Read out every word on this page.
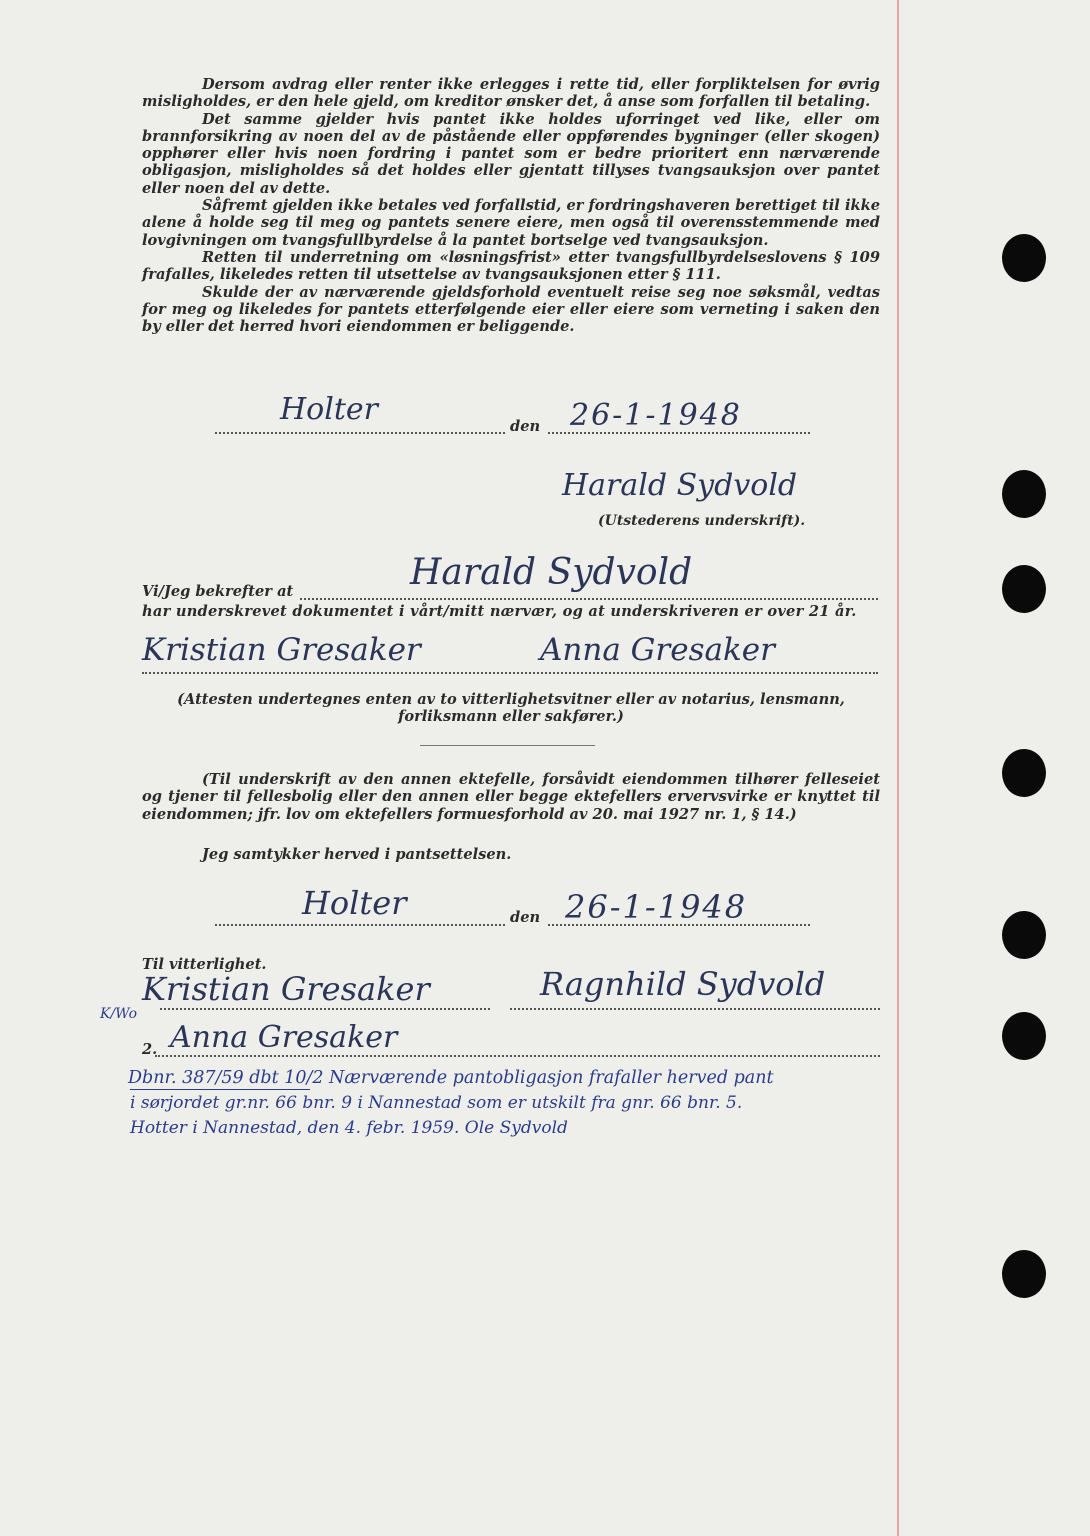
Dersom avdrag eller renter ikke erlegges i rette tid, eller forpliktelsen for øvrig misligholdes, er den hele gjeld, om kreditor ønsker det, å anse som forfallen til betaling.
Det samme gjelder hvis pantet ikke holdes uforringet ved like, eller om brannforsikring av noen del av de påstående eller oppførendes bygninger (eller skogen) opphører eller hvis noen fordring i pantet som er bedre prioritert enn nærværende obligasjon, misligholdes så det holdes eller gjentatt tillyses tvangsauksjon over pantet eller noen del av dette.
Såfremt gjelden ikke betales ved forfallstid, er fordringshaveren berettiget til ikke alene å holde seg til meg og pantets senere eiere, men også til overensstemmende med lovgivningen om tvangsfullbyrdelse å la pantet bortselge ved tvangsauksjon.
Retten til underretning om «løsningsfrist» etter tvangsfullbyrdelseslovens § 109 frafalles, likeledes retten til utsettelse av tvangsauksjonen etter § 111.
Skulde der av nærværende gjeldsforhold eventuelt reise seg noe søksmål, vedtas for meg og likeledes for pantets etterfølgende eier eller eiere som verneting i saken den by eller det herred hvori eiendommen er beliggende.
Holter	den 26-1-1948
Harald Sydvold
(Utstederens underskrift).
Vi/Jeg bekrefter at	Harald Sydvold
har underskrevet dokumentet i vårt/mitt nærvær, og at underskriveren er over 21 år.
Kristian Gresaker	Anna Gresaker
(Attesten undertegnes enten av to vitterlighetsvitner eller av notarius, lensmann, forliksmann eller sakfører.)
(Til underskrift av den annen ektefelle, forsåvidt eiendommen tilhører felleseiet og tjener til fellesbolig eller den annen eller begge ektefellers ervervsvirke er knyttet til eiendommen; jfr. lov om ektefellers formuesforhold av 20. mai 1927 nr. 1, § 14.)
Jeg samtykker herved i pantsettelsen.
Holter	den 26-1-1948
Til vitterlighet.
Kristian Gresaker	Ragnhild Sydvold
K/Wo
2. Anna Gresaker
Dbnr. 387/59 dbt 10/2 Nærværende pantobligasjon frafaller herved pant
i sørjordet gr.nr. 66 bnr. 9 i Nannestad som er utskilt fra gnr. 66 bnr. 5.
Hotter i Nannestad, den 4. febr. 1959. Ole Sydvold
